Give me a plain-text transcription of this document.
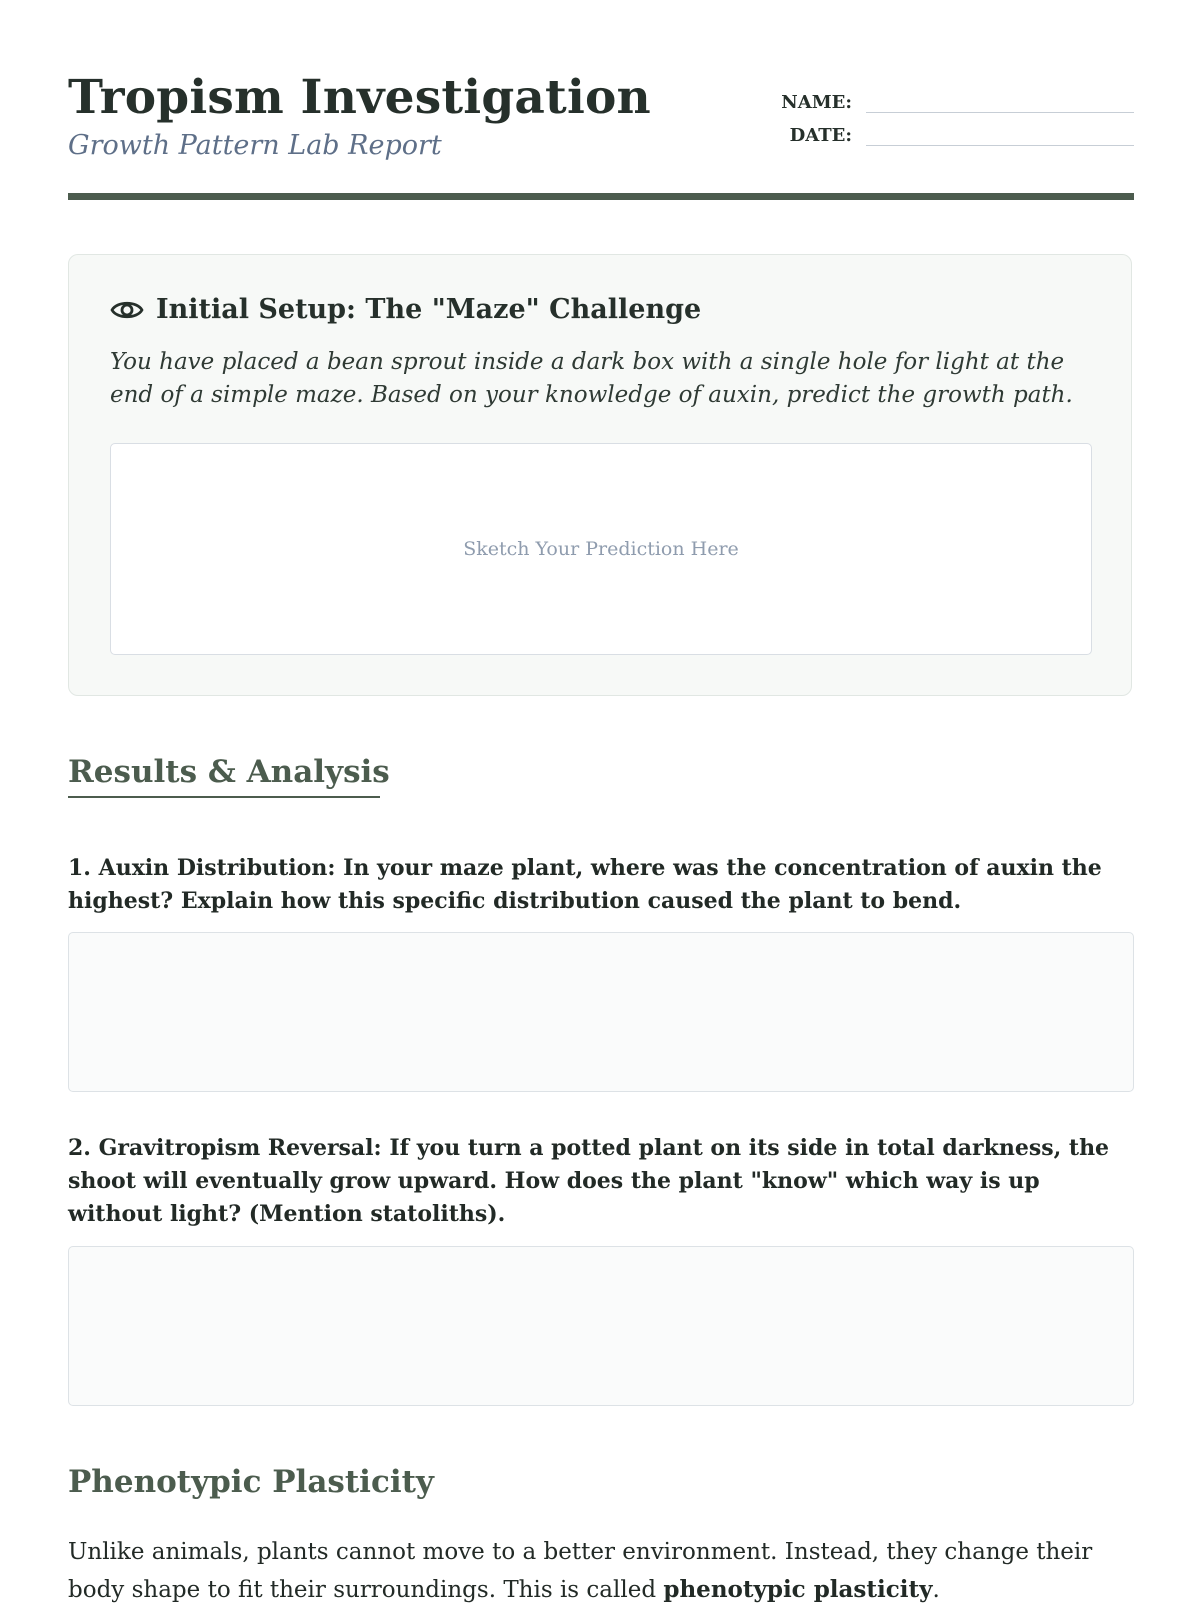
Tropism Investigation

Growth Pattern Lab Report

NAME:
DATE:
Initial Setup: The "Maze" Challenge

You have placed a bean sprout inside a dark box with a single hole for light at the end of a simple maze. Based on your knowledge of auxin, predict the growth path.

Sketch Your Prediction Here
Results & Analysis

1. Auxin Distribution: In your maze plant, where was the concentration of auxin the highest? Explain how this specific distribution caused the plant to bend.

2. Gravitropism Reversal: If you turn a potted plant on its side in total darkness, the shoot will eventually grow upward. How does the plant "know" which way is up without light? (Mention statoliths).

Phenotypic Plasticity

Unlike animals, plants cannot move to a better environment. Instead, they change their body shape to fit their surroundings. This is called phenotypic plasticity.
